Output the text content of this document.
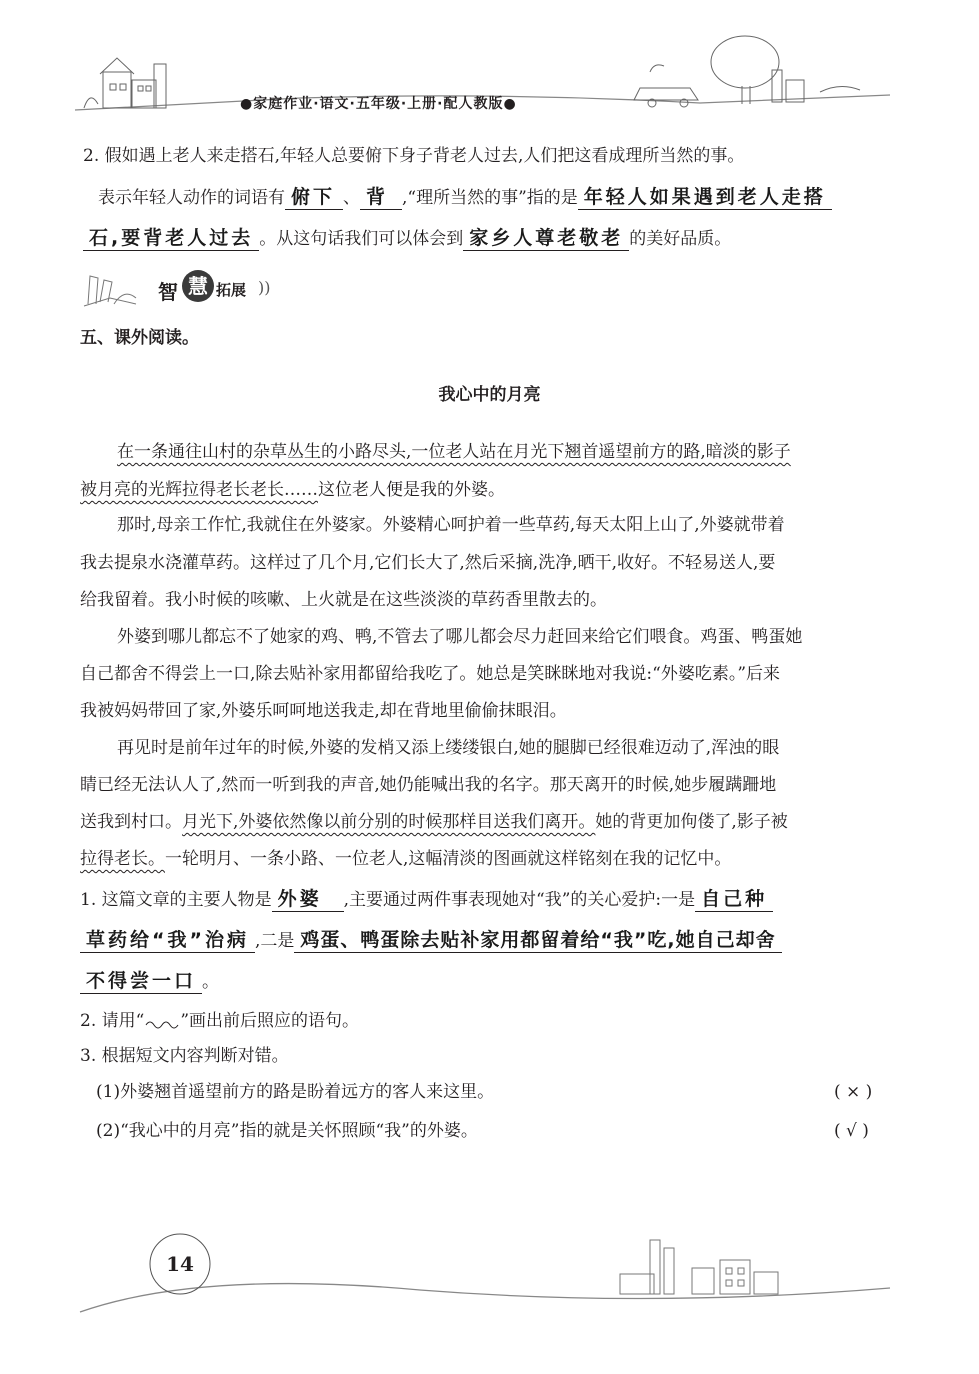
●家庭作业·语文·五年级·上册·配人教版●
2. 假如遇上老人来走搭石,年轻人总要俯下身子背老人过去,人们把这看成理所当然的事。
表示年轻人动作的词语有 俯下 、 背 ,“理所当然的事”指的是 年轻人如果遇到老人走搭
石,要背老人过去 。从这句话我们可以体会到 家乡人尊老敬老 的美好品质。
智 慧 拓展 ))
五、课外阅读。
我心中的月亮
在一条通往山村的杂草丛生的小路尽头,一位老人站在月光下翘首遥望前方的路,暗淡的影子
被月亮的光辉拉得老长老长……这位老人便是我的外婆。
那时,母亲工作忙,我就住在外婆家。外婆精心呵护着一些草药,每天太阳上山了,外婆就带着
我去提泉水浇灌草药。这样过了几个月,它们长大了,然后采摘,洗净,晒干,收好。不轻易送人,要
给我留着。我小时候的咳嗽、上火就是在这些淡淡的草药香里散去的。
外婆到哪儿都忘不了她家的鸡、鸭,不管去了哪儿都会尽力赶回来给它们喂食。鸡蛋、鸭蛋她
自己都舍不得尝上一口,除去贴补家用都留给我吃了。她总是笑眯眯地对我说:“外婆吃素。”后来
我被妈妈带回了家,外婆乐呵呵地送我走,却在背地里偷偷抹眼泪。
再见时是前年过年的时候,外婆的发梢又添上缕缕银白,她的腿脚已经很难迈动了,浑浊的眼
睛已经无法认人了,然而一听到我的声音,她仍能喊出我的名字。那天离开的时候,她步履蹒跚地
送我到村口。月光下,外婆依然像以前分别的时候那样目送我们离开。她的背更加佝偻了,影子被
拉得老长。一轮明月、一条小路、一位老人,这幅清淡的图画就这样铭刻在我的记忆中。
1. 这篇文章的主要人物是 外婆 ,主要通过两件事表现她对“我”的关心爱护:一是 自己种
草药给“我”治病 ,二是 鸡蛋、鸭蛋除去贴补家用都留着给“我”吃,她自己却舍
不得尝一口 。
2. 请用“ ”画出前后照应的语句。
3. 根据短文内容判断对错。
(1)外婆翘首遥望前方的路是盼着远方的客人来这里。	( × )
(2)“我心中的月亮”指的就是关怀照顾“我”的外婆。	( √ )
14
